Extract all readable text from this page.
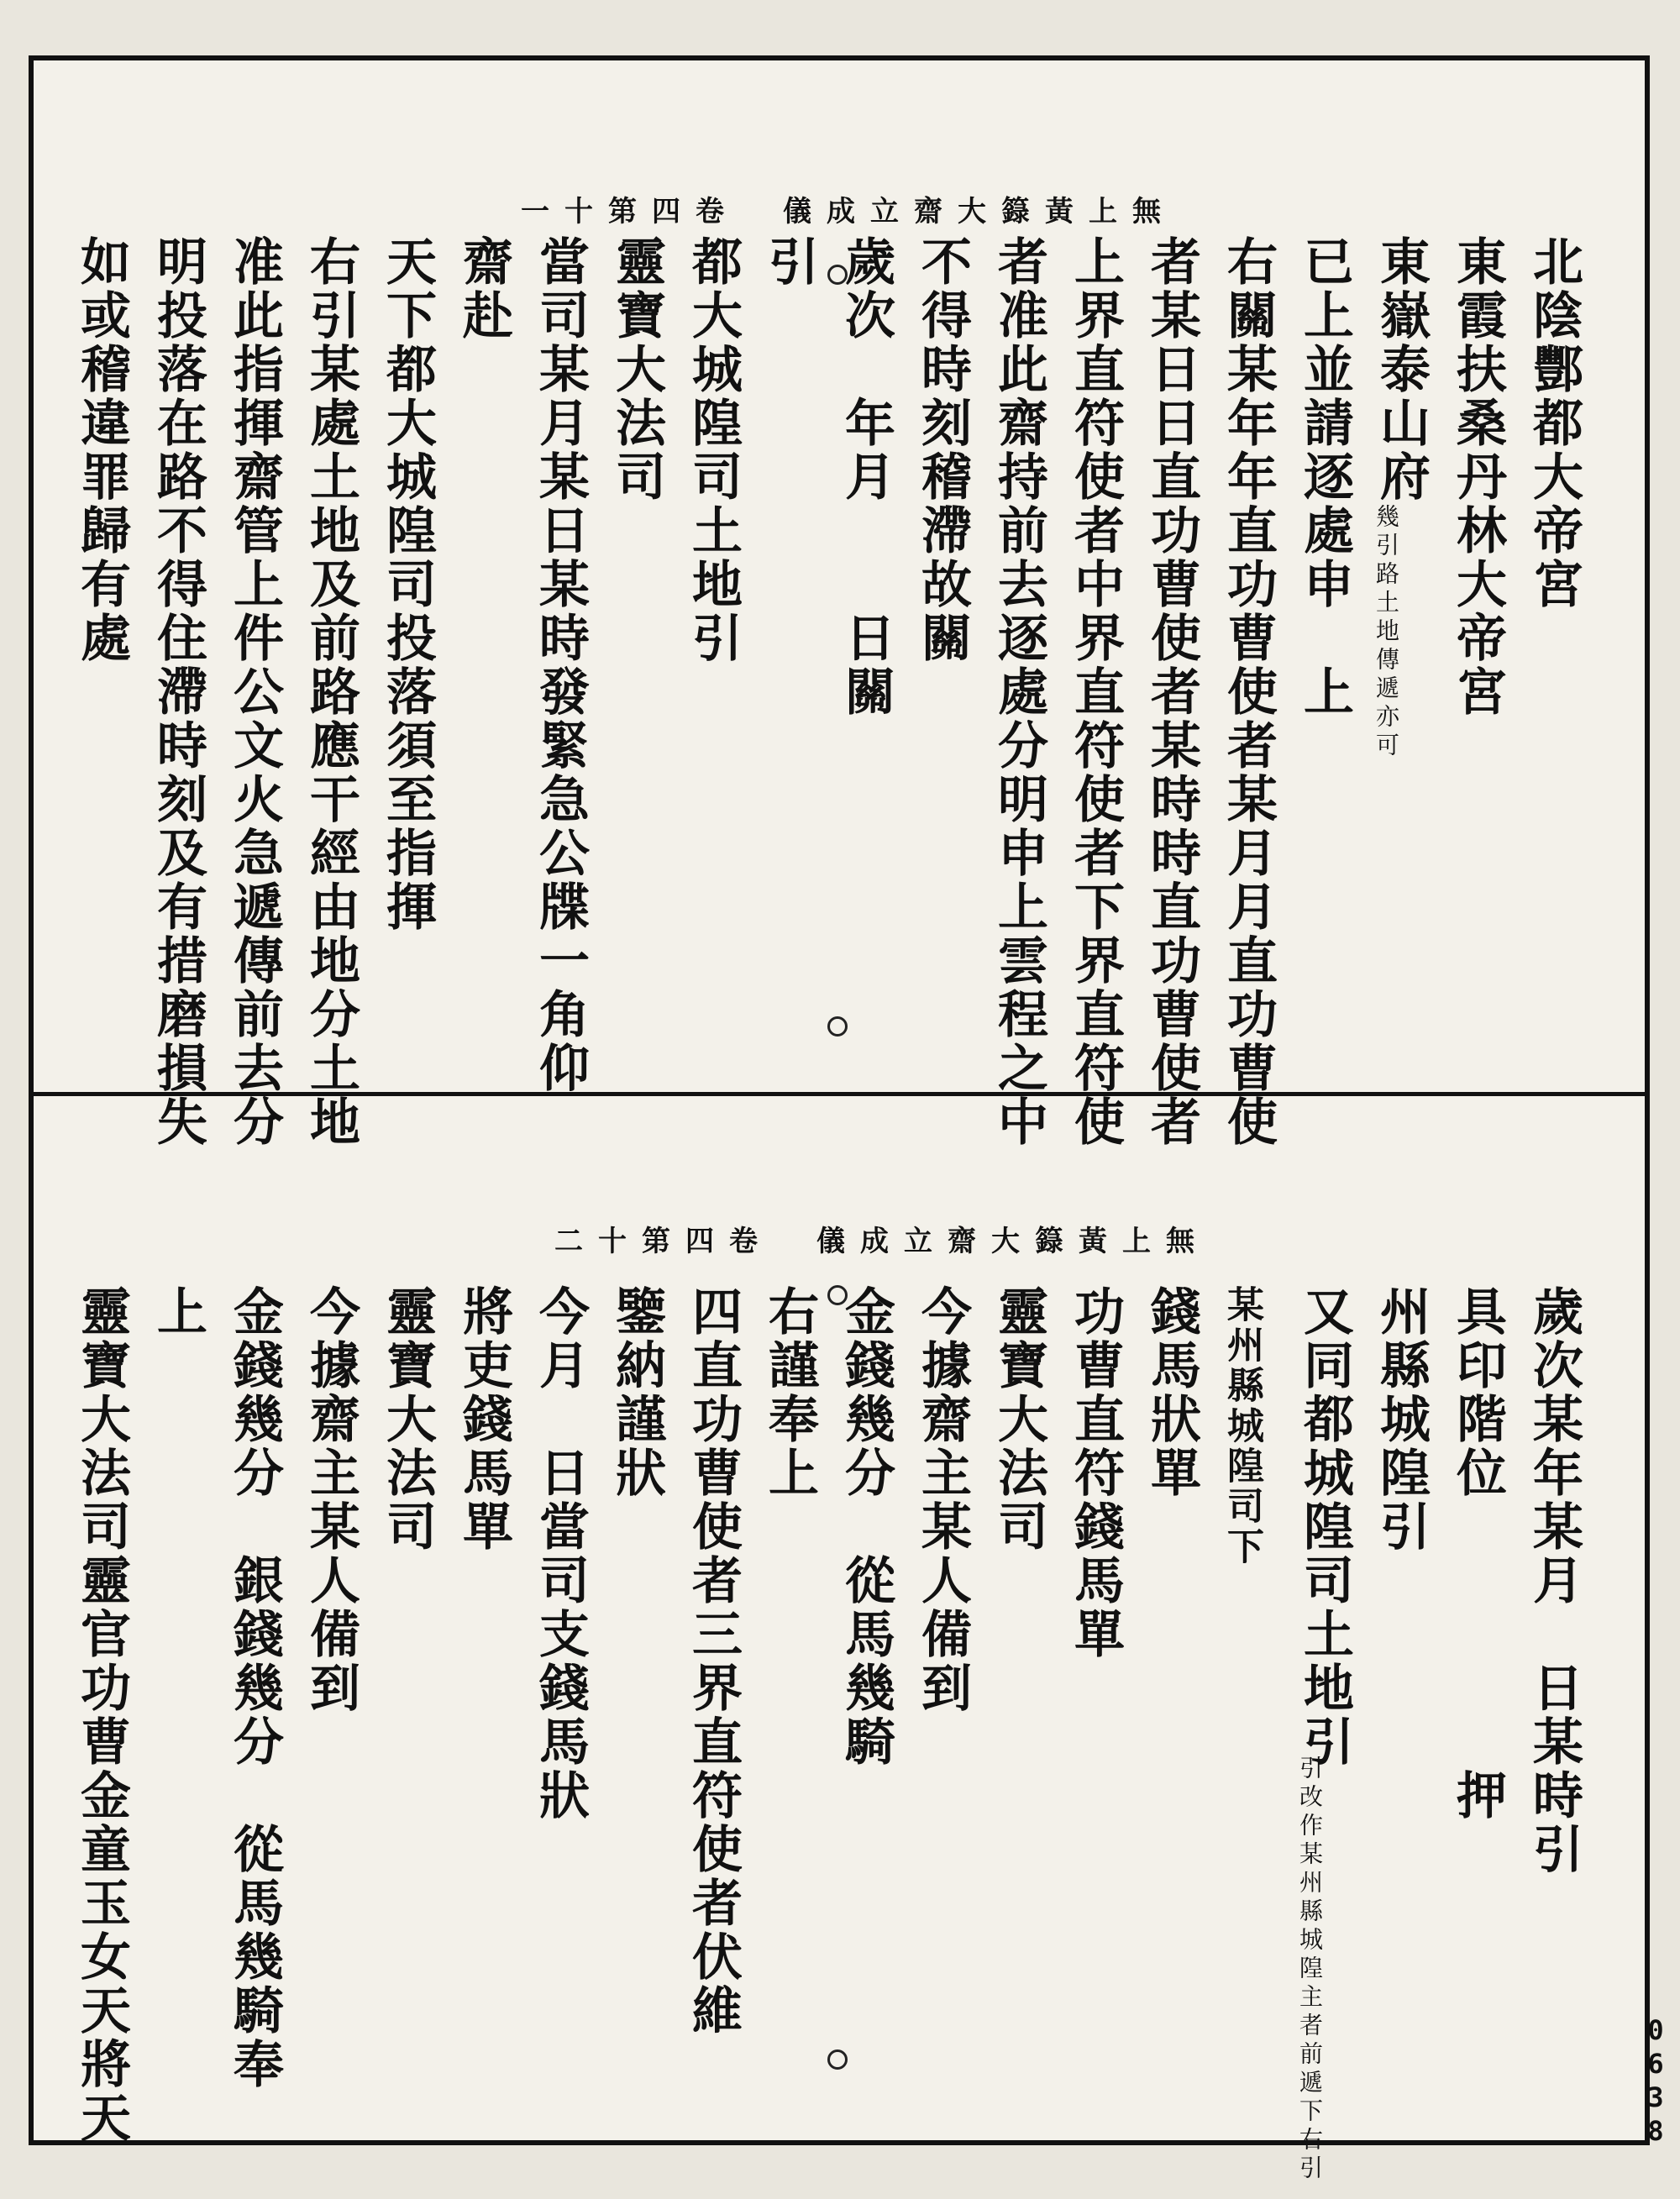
無上黃籙大齋立成儀　卷四第十一
無上黃籙大齋立成儀　卷四第十二
北陰酆都大帝宮
東霞扶桑丹林大帝宮
東嶽泰山府
幾引路土地傳遞亦可
已上並請逐處申　上
右關某年年直功曹使者某月月直功曹使
者某日日直功曹使者某時時直功曹使者
上界直符使者中界直符使者下界直符使
者准此齋持前去逐處分明申上雲程之中
不得時刻稽滯故關
歲次　年月　　日關
引
都大城隍司土地引
靈寶大法司
當司某月某日某時發緊急公牒一角仰
齋赴
天下都大城隍司投落須至指揮
右引某處土地及前路應干經由地分土地
准此指揮齋管上件公文火急遞傳前去分
明投落在路不得住滯時刻及有措磨損失
如或稽違罪歸有處
歲次某年某月　日某時引
具印階位　　　　　押
州縣城隍引
又同都城隍司土地引
引改作某州縣城隍主者前遞下右引
某州縣城隍司下
錢馬狀單
功曹直符錢馬單
靈寶大法司
今據齋主某人備到
金錢幾分　從馬幾騎
右謹奉上
四直功曹使者三界直符使者伏維
鑒納謹狀
今月　日當司支錢馬狀
將吏錢馬單
靈寶大法司
今據齋主某人備到
金錢幾分　銀錢幾分　從馬幾騎奉
上
靈寶大法司靈官功曹金童玉女天將天	0638
